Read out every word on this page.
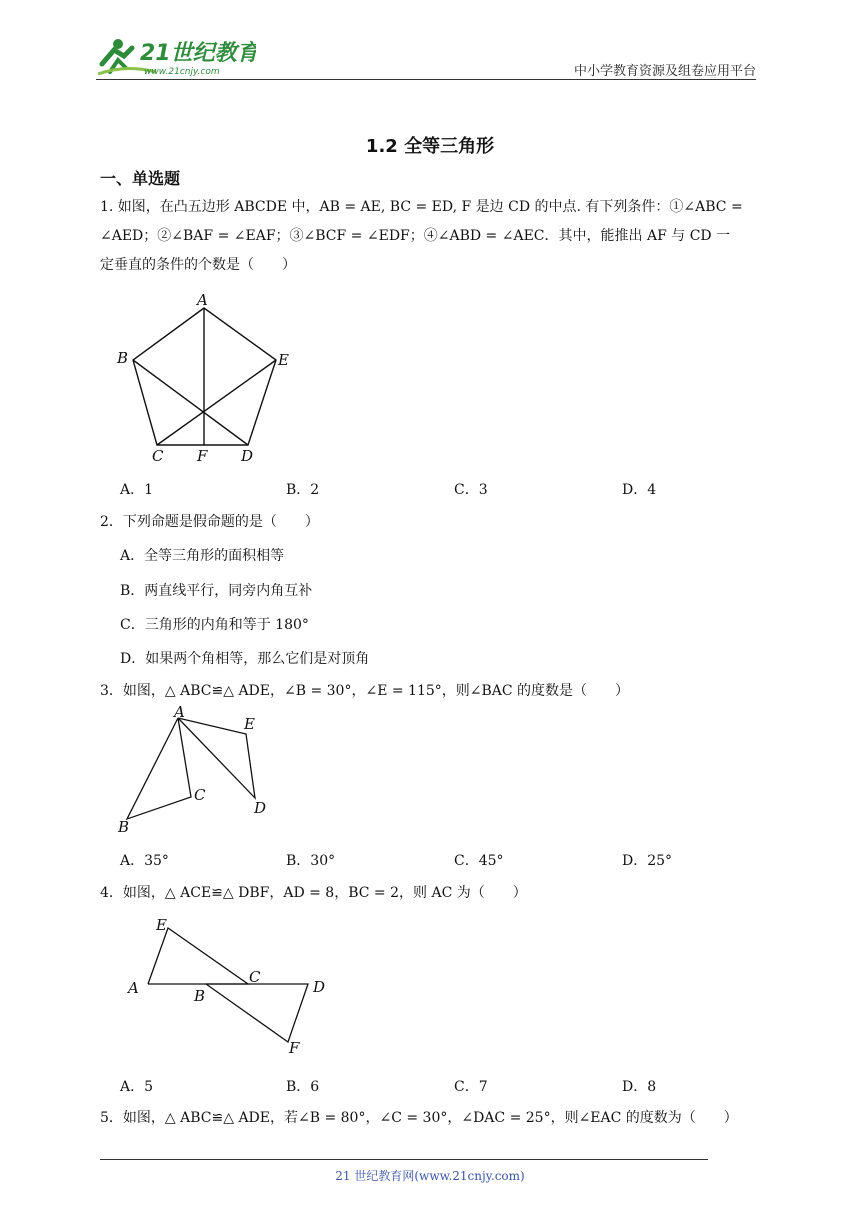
21世纪教育
www.21cnjy.com	中小学教育资源及组卷应用平台
1.2 全等三角形
一、单选题
1. 如图，在凸五边形 ABCDE 中，AB = AE, BC = ED, F 是边 CD 的中点. 有下列条件：①∠ABC =
∠AED；②∠BAF = ∠EAF；③∠BCF = ∠EDF；④∠ABD = ∠AEC．其中，能推出 AF 与 CD 一
定垂直的条件的个数是（　　）
A
B	E
C F D
A．1	B．2	C．3	D．4
2．下列命题是假命题的是（　　）
A．全等三角形的面积相等
B．两直线平行，同旁内角互补
C．三角形的内角和等于 180°
D．如果两个角相等，那么它们是对顶角
3．如图，△ ABC≌△ ADE，∠B = 30°，∠E = 115°，则∠BAC 的度数是（　　）
A
E
C
D
B
A．35°	B．30°	C．45°	D．25°
4．如图，△ ACE≌△ DBF，AD = 8，BC = 2，则 AC 为（　　）
E
C
A	B	D
F
A．5	B．6	C．7	D．8
5．如图，△ ABC≌△ ADE，若∠B = 80°，∠C = 30°，∠DAC = 25°，则∠EAC 的度数为（　　）
21 世纪教育网(www.21cnjy.com)
